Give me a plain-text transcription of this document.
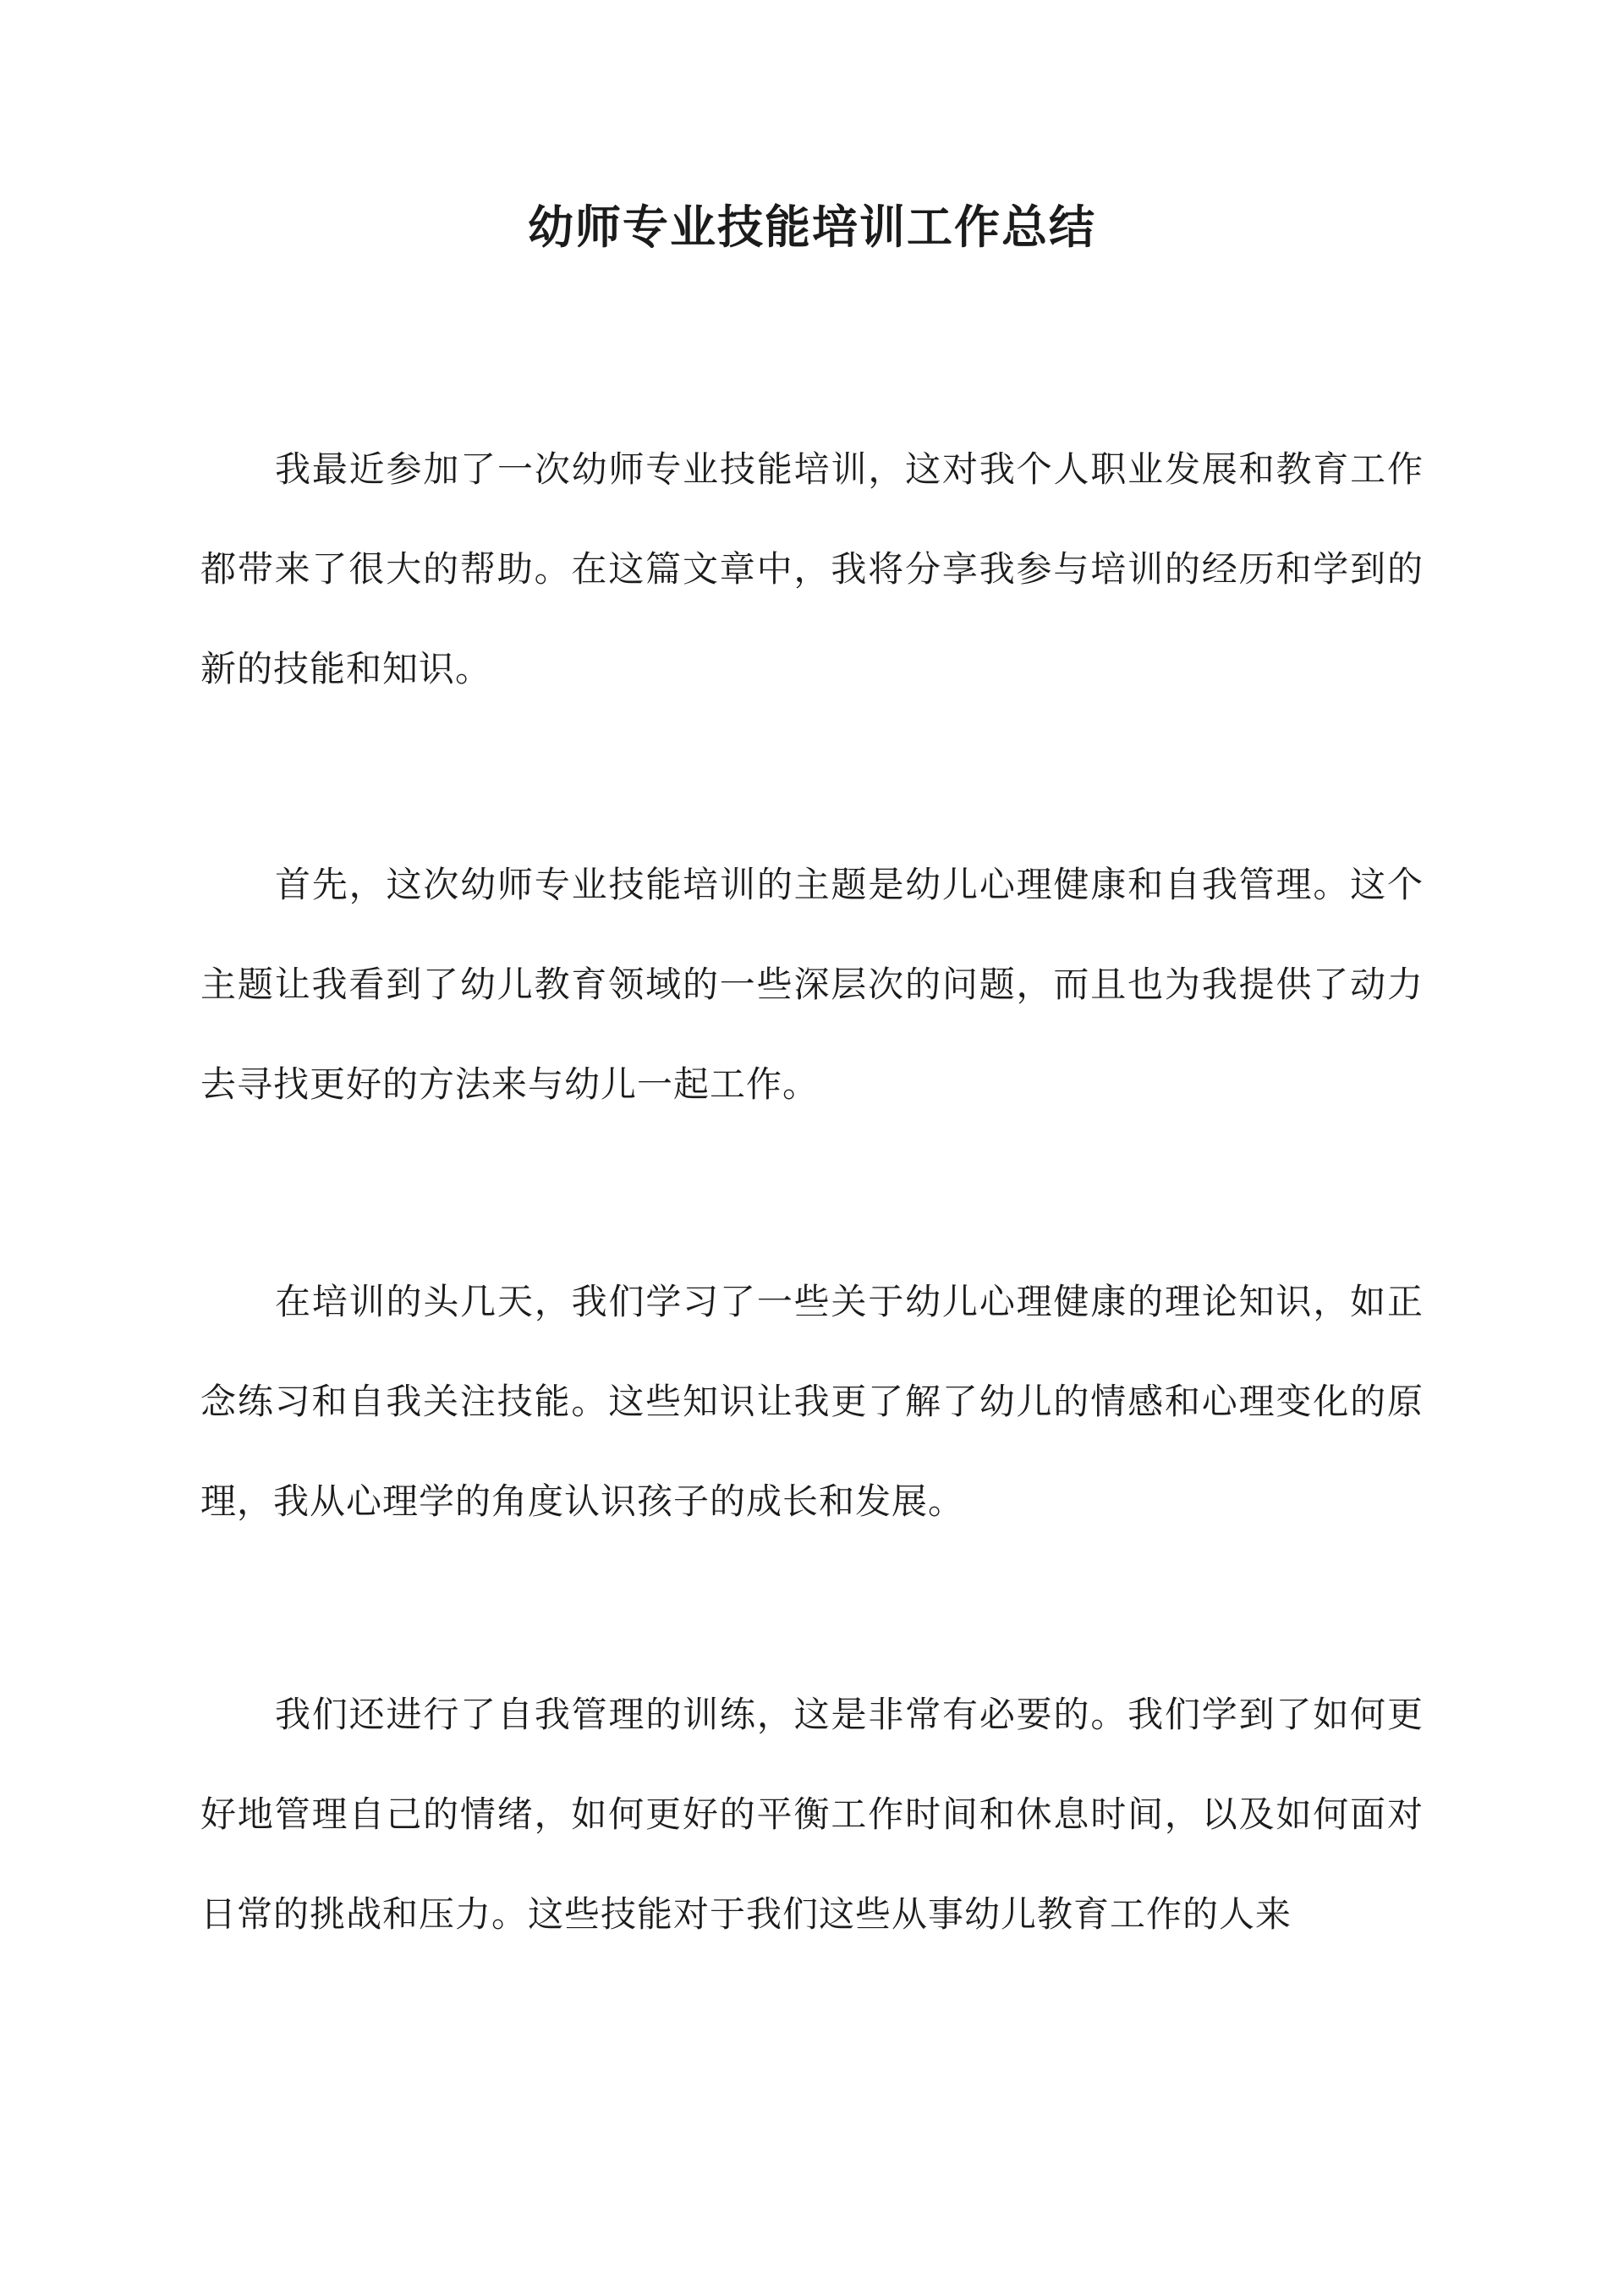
幼师专业技能培训工作总结

我最近参加了一次幼师专业技能培训，这对我个人职业发展和教育工作都带来了很大的帮助。在这篇文章中，我将分享我参与培训的经历和学到的新的技能和知识。

首先，这次幼师专业技能培训的主题是幼儿心理健康和自我管理。这个主题让我看到了幼儿教育领域的一些深层次的问题，而且也为我提供了动力去寻找更好的方法来与幼儿一起工作。

在培训的头几天，我们学习了一些关于幼儿心理健康的理论知识，如正念练习和自我关注技能。这些知识让我更了解了幼儿的情感和心理变化的原理，我从心理学的角度认识孩子的成长和发展。

我们还进行了自我管理的训练，这是非常有必要的。我们学到了如何更好地管理自己的情绪，如何更好的平衡工作时间和休息时间，以及如何面对日常的挑战和压力。这些技能对于我们这些从事幼儿教育工作的人来
